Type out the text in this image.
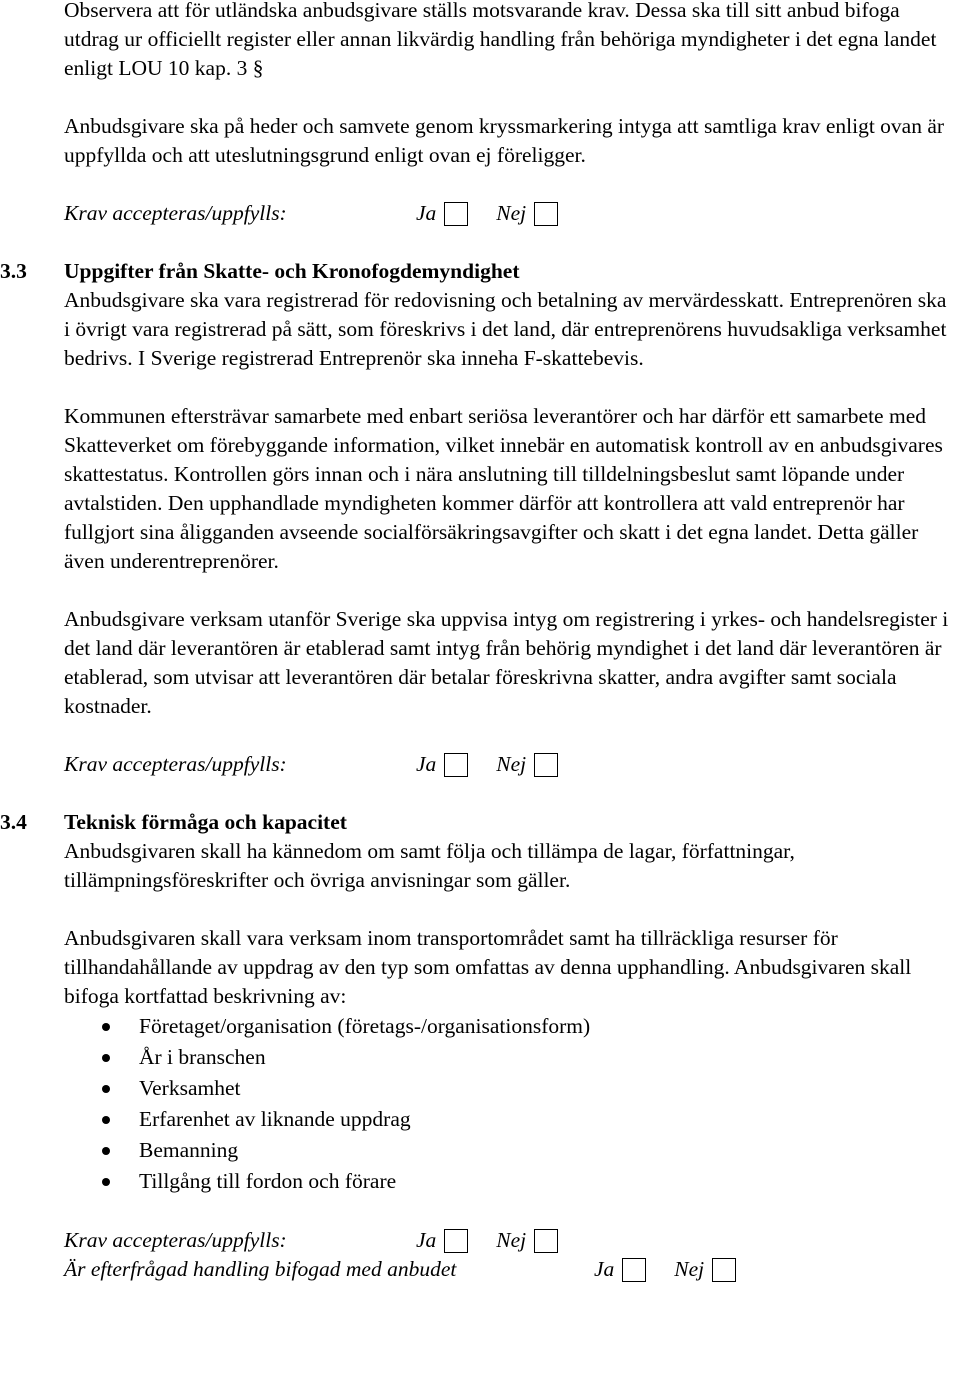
Observera att för utländska anbudsgivare ställs motsvarande krav. Dessa ska till sitt anbud bifoga utdrag ur officiellt register eller annan likvärdig handling från behöriga myndigheter i det egna landet enligt LOU 10 kap. 3 §

Anbudsgivare ska på heder och samvete genom kryssmarkering intyga att samtliga krav enligt ovan är uppfyllda och att uteslutningsgrund enligt ovan ej föreligger.

Krav accepteras/uppfylls:	Ja	Nej

3.3 Uppgifter från Skatte- och Kronofogdemyndighet

Anbudsgivare ska vara registrerad för redovisning och betalning av mervärdesskatt. Entreprenören ska i övrigt vara registrerad på sätt, som föreskrivs i det land, där entreprenörens huvudsakliga verksamhet bedrivs. I Sverige registrerad Entreprenör ska inneha F-skattebevis.

Kommunen eftersträvar samarbete med enbart seriösa leverantörer och har därför ett samarbete med Skatteverket om förebyggande information, vilket innebär en automatisk kontroll av en anbudsgivares skattestatus. Kontrollen görs innan och i nära anslutning till tilldelningsbeslut samt löpande under avtalstiden. Den upphandlade myndigheten kommer därför att kontrollera att vald entreprenör har fullgjort sina åligganden avseende socialförsäkringsavgifter och skatt i det egna landet. Detta gäller även underentreprenörer.

Anbudsgivare verksam utanför Sverige ska uppvisa intyg om registrering i yrkes- och handelsregister i det land där leverantören är etablerad samt intyg från behörig myndighet i det land där leverantören är etablerad, som utvisar att leverantören där betalar föreskrivna skatter, andra avgifter samt sociala kostnader.

Krav accepteras/uppfylls:	Ja	Nej

3.4 Teknisk förmåga och kapacitet

Anbudsgivaren skall ha kännedom om samt följa och tillämpa de lagar, författningar, tillämpningsföreskrifter och övriga anvisningar som gäller.

Anbudsgivaren skall vara verksam inom transportområdet samt ha tillräckliga resurser för tillhandahållande av uppdrag av den typ som omfattas av denna upphandling. Anbudsgivaren skall bifoga kortfattad beskrivning av:

Företaget/organisation (företags-/organisationsform)
År i branschen
Verksamhet
Erfarenhet av liknande uppdrag
Bemanning
Tillgång till fordon och förare
Krav accepteras/uppfylls:	Ja	Nej
Är efterfrågad handling bifogad med anbudet	Ja	Nej
